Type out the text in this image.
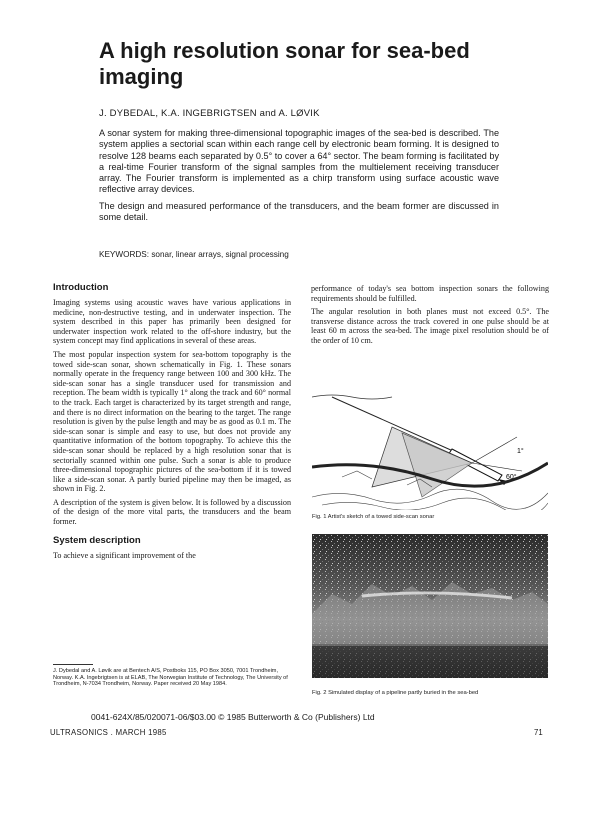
A high resolution sonar for sea-bed imaging

J. DYBEDAL, K.A. INGEBRIGTSEN and A. LØVIK

A sonar system for making three-dimensional topographic images of the sea-bed is described. The system applies a sectorial scan within each range cell by electronic beam forming. It is designed to resolve 128 beams each separated by 0.5° to cover a 64° sector. The beam forming is facilitated by a real-time Fourier transform of the signal samples from the multielement receiving transducer array. The Fourier transform is implemented as a chirp transform using surface acoustic wave reflective array devices.

The design and measured performance of the transducers, and the beam former are discussed in some detail.

KEYWORDS: sonar, linear arrays, signal processing

Introduction

Imaging systems using acoustic waves have various applications in medicine, non-destructive testing, and in underwater inspection. The system described in this paper has primarily been designed for underwater inspection work related to the off-shore industry, but the system concept may find applications in several of these areas.

The most popular inspection system for sea-bottom topography is the towed side-scan sonar, shown schematically in Fig. 1. These sonars normally operate in the frequency range between 100 and 300 kHz. The side-scan sonar has a single transducer used for transmission and reception. The beam width is typically 1° along the track and 60° normal to the track. Each target is characterized by its target strength and range, and there is no direct information on the bearing to the target. The range resolution is given by the pulse length and may be as good as 0.1 m. The side-scan sonar is simple and easy to use, but does not provide any quantitative information of the bottom topography. To achieve this the side-scan sonar should be replaced by a high resolution sonar that is sectorially scanned within one pulse. Such a sonar is able to produce three-dimensional topographic pictures of the sea-bottom if it is towed like a side-scan sonar. A partly buried pipeline may then be imaged, as shown in Fig. 2.

A description of the system is given below. It is followed by a discussion of the design of the more vital parts, the transducers and the beam former.

System description

To achieve a significant improvement of the

J. Dybedal and A. Løvik are at Bentech A/S, Postboks 115, PO Box 3050, 7001 Trondheim, Norway. K.A. Ingebrigtsen is at ELAB, The Norwegian Institute of Technology, The University of Trondheim, N-7034 Trondheim, Norway. Paper received 20 May 1984.

performance of today's sea bottom inspection sonars the following requirements should be fulfilled.

The angular resolution in both planes must not exceed 0.5°. The transverse distance across the track covered in one pulse should be at least 60 m across the sea-bed. The image pixel resolution should be of the order of 10 cm.

1°
60°

Fig. 1 Artist's sketch of a towed side-scan sonar

Fig. 2 Simulated display of a pipeline partly buried in the sea-bed

0041-624X/85/020071-06/$03.00 © 1985 Butterworth & Co (Publishers) Ltd

ULTRASONICS . MARCH 1985	71
